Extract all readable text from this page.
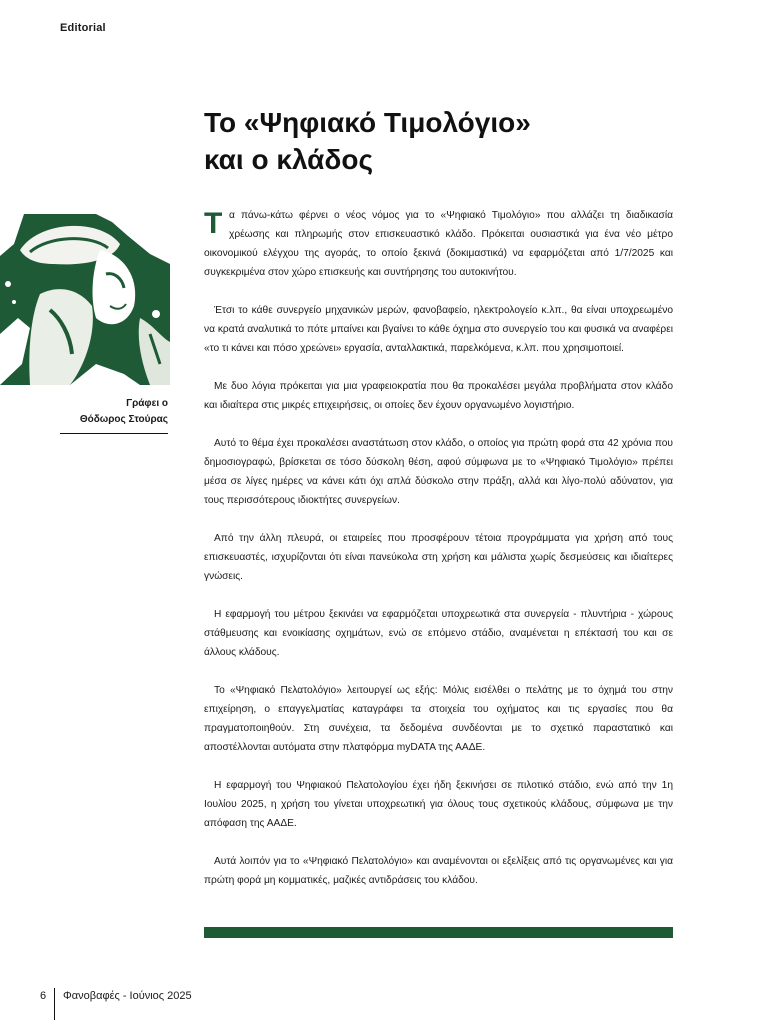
Editorial
Το «Ψηφιακό Τιμολόγιο»
και ο κλάδος
Γράφει ο
Θόδωρος Στούρας

Τα πάνω-κάτω φέρνει ο νέος νόμος για το «Ψηφιακό Τιμολόγιο» που αλλάζει τη διαδικασία χρέωσης και πληρωμής στον επισκευαστικό κλάδο. Πρόκειται ουσιαστικά για ένα νέο μέτρο οικονομικού ελέγχου της αγοράς, το οποίο ξεκινά (δοκιμαστικά) να εφαρμόζεται από 1/7/2025 και συγκεκριμένα στον χώρο επισκευής και συντήρησης του αυτοκινήτου.

Έτσι το κάθε συνεργείο μηχανικών μερών, φανοβαφείο, ηλεκτρολογείο κ.λπ., θα είναι υποχρεωμένο να κρατά αναλυτικά το πότε μπαίνει και βγαίνει το κάθε όχημα στο συνεργείο του και φυσικά να αναφέρει «το τι κάνει και πόσο χρεώνει» εργασία, ανταλλακτικά, παρελκόμενα, κ.λπ. που χρησιμοποιεί.

Με δυο λόγια πρόκειται για μια γραφειοκρατία που θα προκαλέσει μεγάλα προβλήματα στον κλάδο και ιδιαίτερα στις μικρές επιχειρήσεις, οι οποίες δεν έχουν οργανωμένο λογιστήριο.

Αυτό το θέμα έχει προκαλέσει αναστάτωση στον κλάδο, ο οποίος για πρώτη φορά στα 42 χρόνια που δημοσιογραφώ, βρίσκεται σε τόσο δύσκολη θέση, αφού σύμφωνα με το «Ψηφιακό Τιμολόγιο» πρέπει μέσα σε λίγες ημέρες να κάνει κάτι όχι απλά δύσκολο στην πράξη, αλλά και λίγο-πολύ αδύνατον, για τους περισσότερους ιδιοκτήτες συνεργείων.

Από την άλλη πλευρά, οι εταιρείες που προσφέρουν τέτοια προγράμματα για χρήση από τους επισκευαστές, ισχυρίζονται ότι είναι πανεύκολα στη χρήση και μάλιστα χωρίς δεσμεύσεις και ιδιαίτερες γνώσεις.

Η εφαρμογή του μέτρου ξεκινάει να εφαρμόζεται υποχρεωτικά στα συνεργεία - πλυντήρια - χώρους στάθμευσης και ενοικίασης οχημάτων, ενώ σε επόμενο στάδιο, αναμένεται η επέκτασή του και σε άλλους κλάδους.

Το «Ψηφιακό Πελατολόγιο» λειτουργεί ως εξής: Μόλις εισέλθει ο πελάτης με το όχημά του στην επιχείρηση, ο επαγγελματίας καταγράφει τα στοιχεία του οχήματος και τις εργασίες που θα πραγματοποιηθούν. Στη συνέχεια, τα δεδομένα συνδέονται με το σχετικό παραστατικό και αποστέλλονται αυτόματα στην πλατφόρμα myDATA της ΑΑΔΕ.

Η εφαρμογή του Ψηφιακού Πελατολογίου έχει ήδη ξεκινήσει σε πιλοτικό στάδιο, ενώ από την 1η Ιουλίου 2025, η χρήση του γίνεται υποχρεωτική για όλους τους σχετικούς κλάδους, σύμφωνα με την απόφαση της ΑΑΔΕ.

Αυτά λοιπόν για το «Ψηφιακό Πελατολόγιο» και αναμένονται οι εξελίξεις από τις οργανωμένες και για πρώτη φορά μη κομματικές, μαζικές αντιδράσεις του κλάδου.

6	Φανοβαφές - Ιούνιος 2025
